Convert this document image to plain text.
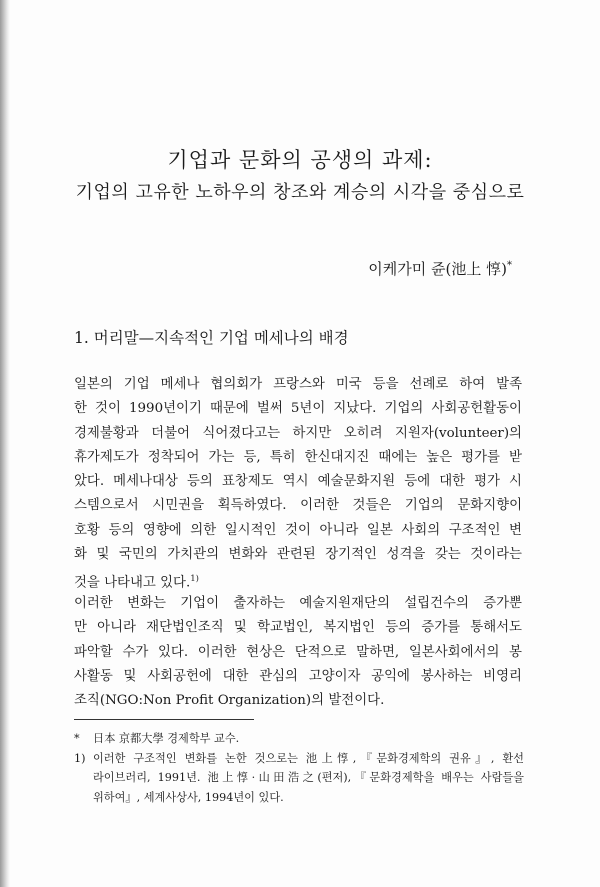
기업과 문화의 공생의 과제:
기업의 고유한 노하우의 창조와 계승의 시각을 중심으로
이케가미 쥰(池上 惇)*
1. 머리말—지속적인 기업 메세나의 배경
일본의 기업 메세나 협의회가 프랑스와 미국 등을 선례로 하여 발족
한 것이 1990년이기 때문에 벌써 5년이 지났다. 기업의 사회공헌활동이
경제불황과 더불어 식어졌다고는 하지만 오히려 지원자(volunteer)의
휴가제도가 정착되어 가는 등, 특히 한신대지진 때에는 높은 평가를 받
았다. 메세나대상 등의 표창제도 역시 예술문화지원 등에 대한 평가 시
스템으로서 시민권을 획득하였다. 이러한 것들은 기업의 문화지향이
호황 등의 영향에 의한 일시적인 것이 아니라 일본 사회의 구조적인 변
화 및 국민의 가치관의 변화와 관련된 장기적인 성격을 갖는 것이라는
것을 나타내고 있다.$^{1)}$
이러한 변화는 기업이 출자하는 예술지원재단의 설립건수의 증가뿐
만 아니라 재단법인조직 및 학교법인, 복지법인 등의 증가를 통해서도
파악할 수가 있다. 이러한 현상은 단적으로 말하면, 일본사회에서의 봉
사활동 및 사회공헌에 대한 관심의 고양이자 공익에 봉사하는 비영리
조직(NGO:Non Profit Organization)의 발전이다.
* 日本 京都大學 경제학부 교수.
1) 이러한 구조적인 변화를 논한 것으로는 池上惇,『문화경제학의 권유』, 환선
라이브러리, 1991년. 池上惇·山田浩之(편저),『문화경제학을 배우는 사람들을
위하여』, 세계사상사, 1994년이 있다.
